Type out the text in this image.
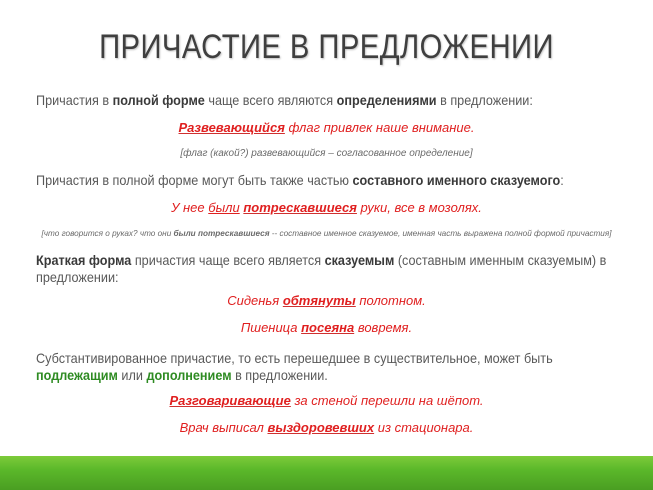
ПРИЧАСТИЕ В ПРЕДЛОЖЕНИИ
Причастия в полной форме чаще всего являются определениями в предложении:
Развевающийся флаг привлек наше внимание.
[флаг (какой?) развевающийся – согласованное определение]
Причастия в полной форме могут быть также частью составного именного сказуемого:
У нее были потрескавшиеся руки, все в мозолях.
[что говорится о руках? что они были потрескавшиеся -- составное именное сказуемое, именная часть выражена полной формой причастия]
Краткая форма причастия чаще всего является сказуемым (составным именным сказуемым) в предложении:
Сиденья обтянуты полотном.
Пшеница посеяна вовремя.
Субстантивированное причастие, то есть перешедшее в существительное, может быть подлежащим или дополнением в предложении.
Разговаривающие за стеной перешли на шёпот.
Врач выписал выздоровевших из стационара.
